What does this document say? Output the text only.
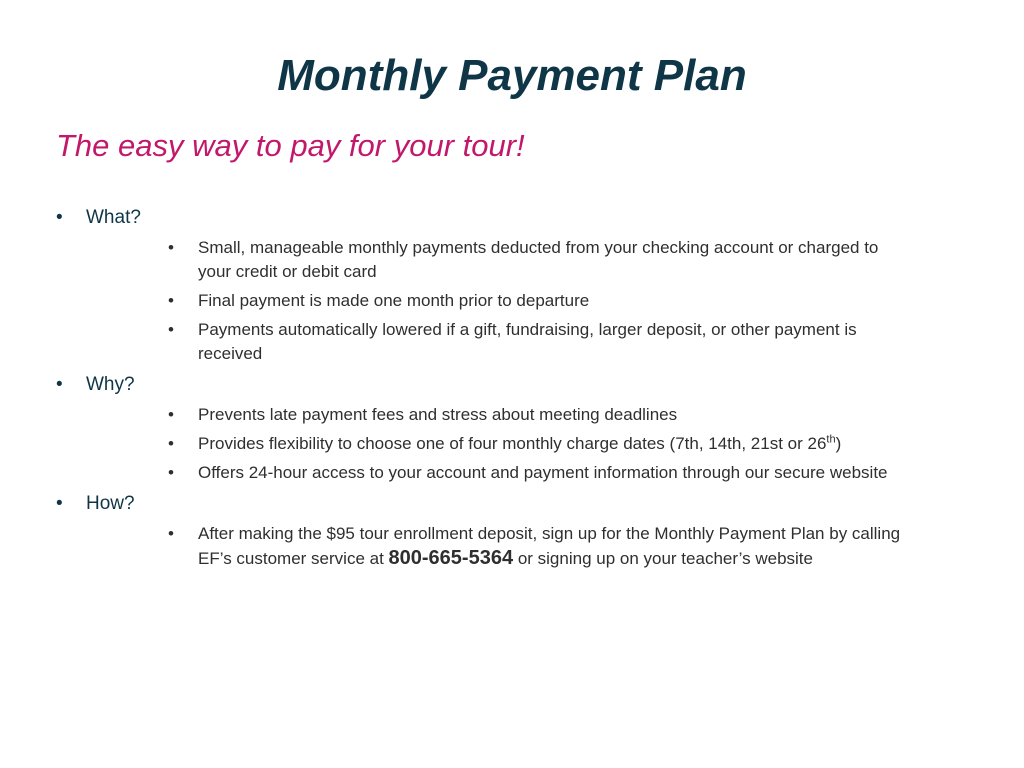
Monthly Payment Plan
The easy way to pay for your tour!
• What?
• Small, manageable monthly payments deducted from your checking account or charged to your credit or debit card
• Final payment is made one month prior to departure
• Payments automatically lowered if a gift, fundraising, larger deposit, or other payment is received
• Why?
• Prevents late payment fees and stress about meeting deadlines
• Provides flexibility to choose one of four monthly charge dates (7th, 14th, 21st or 26th)
• Offers 24-hour access to your account and payment information through our secure website
• How?
• After making the $95 tour enrollment deposit, sign up for the Monthly Payment Plan by calling EF’s customer service at 800-665-5364 or signing up on your teacher’s website
